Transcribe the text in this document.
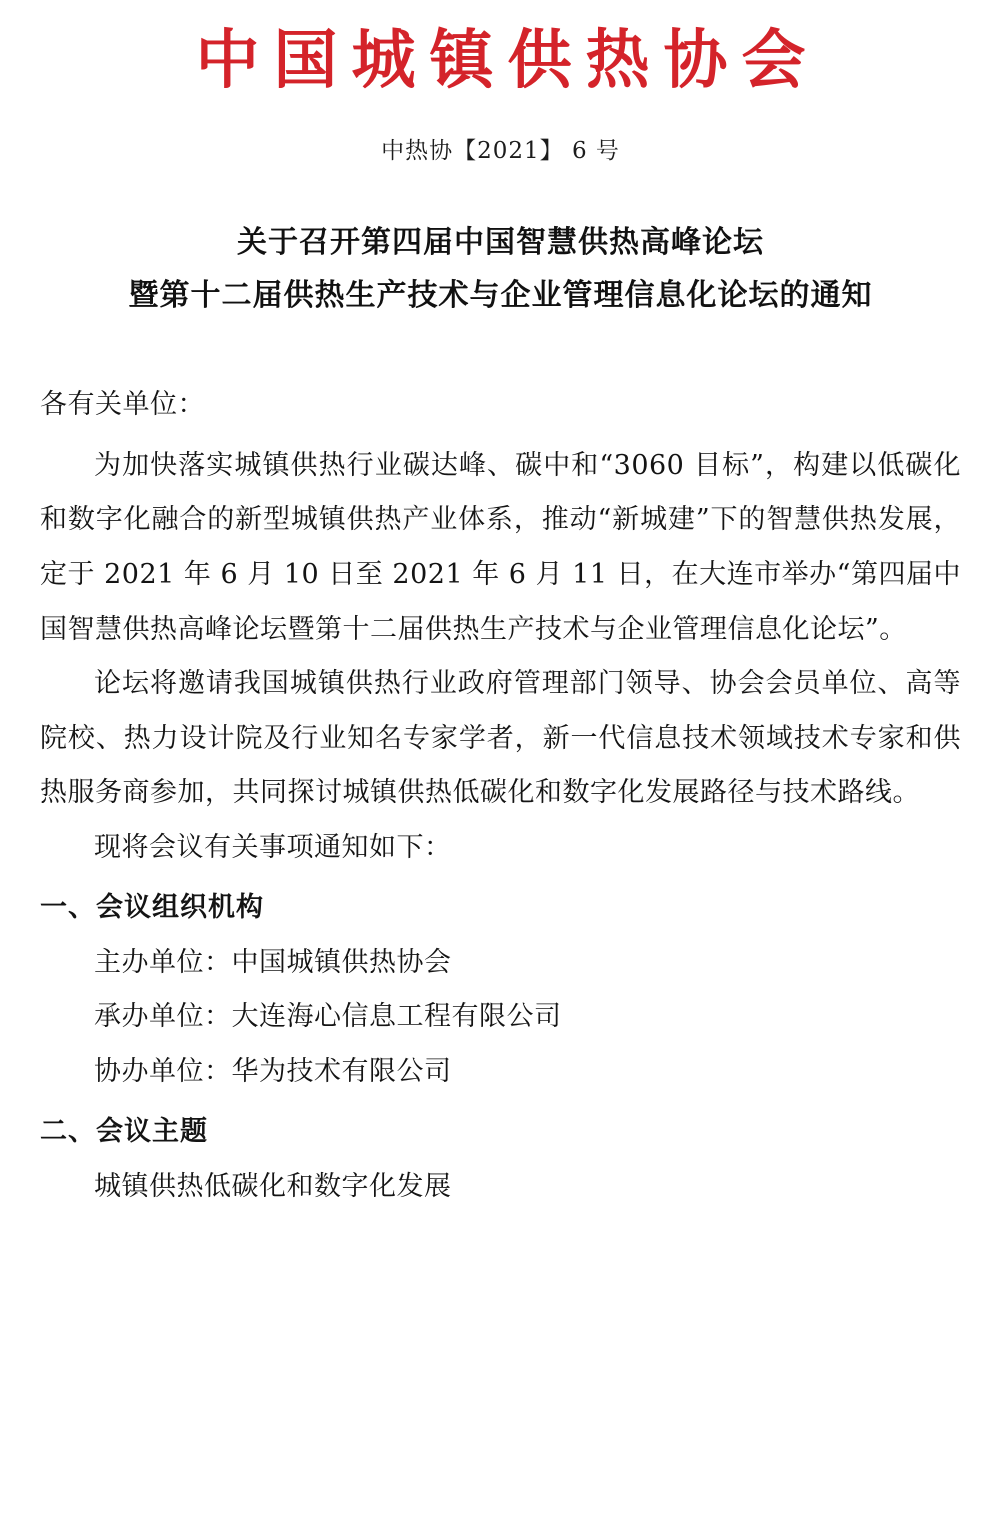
中国城镇供热协会
中热协【2021】 6 号
关于召开第四届中国智慧供热高峰论坛
暨第十二届供热生产技术与企业管理信息化论坛的通知

各有关单位：

为加快落实城镇供热行业碳达峰、碳中和“3060 目标”，构建以低碳化和数字化融合的新型城镇供热产业体系，推动“新城建”下的智慧供热发展，定于 2021 年 6 月 10 日至 2021 年 6 月 11 日，在大连市举办“第四届中国智慧供热高峰论坛暨第十二届供热生产技术与企业管理信息化论坛”。

论坛将邀请我国城镇供热行业政府管理部门领导、协会会员单位、高等院校、热力设计院及行业知名专家学者，新一代信息技术领域技术专家和供热服务商参加，共同探讨城镇供热低碳化和数字化发展路径与技术路线。

现将会议有关事项通知如下：

一、会议组织机构

主办单位：中国城镇供热协会

承办单位：大连海心信息工程有限公司

协办单位：华为技术有限公司

二、会议主题

城镇供热低碳化和数字化发展
